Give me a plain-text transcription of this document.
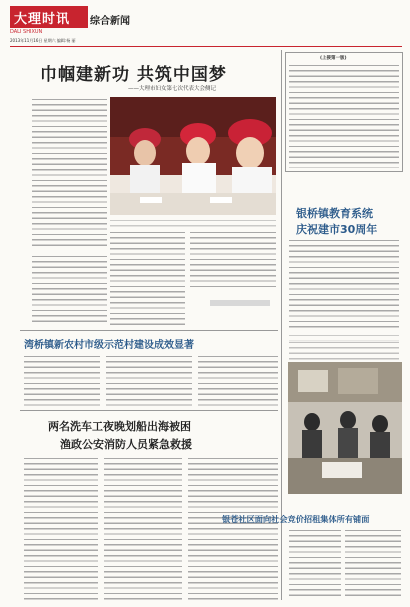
大理时讯
DALI SHIXUN
综合新闻
2013年11月16日 星期六 编辑:杨 丽
巾帼建新功 共筑中国梦
——大理市妇女第七次代表大会侧记
(上接第一版)
银桥镇教育系统
庆祝建市30周年
湾桥镇新农村市级示范村建设成效显著
两名洗车工夜晚划船出海被困
渔政公安消防人员紧急救援
银苍社区面向社会竞价招租集体所有铺面
